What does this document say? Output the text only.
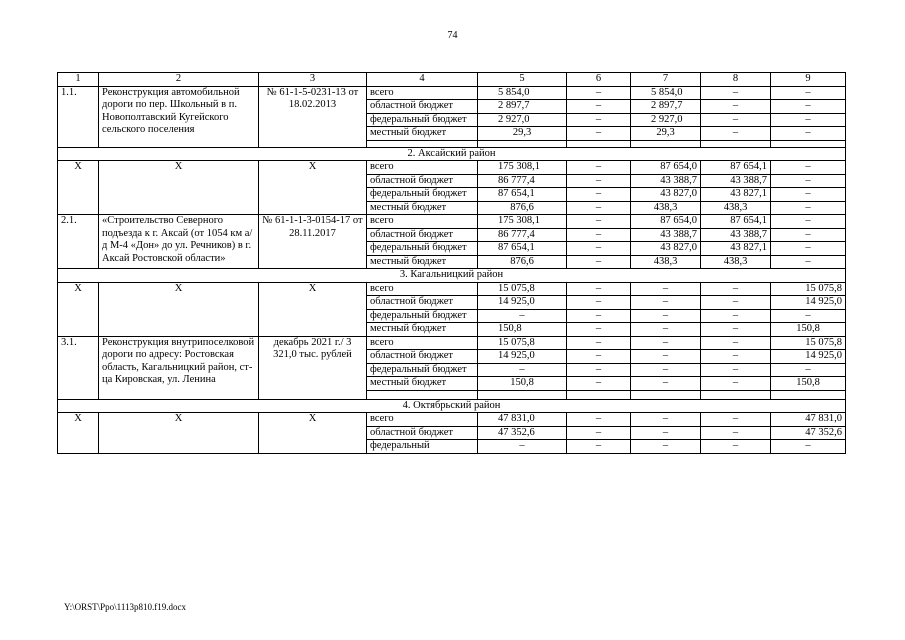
74
1	2	3	4	5	6	7	8	9
1.1.	Реконструкция автомобильной дороги по пер. Школьный в п. Новополтавский Кугейского сельского поселения	№ 61-1-5-0231-13 от 18.02.2013	всего	5 854,0	–	5 854,0	–	–
			областной бюджет	2 897,7	–	2 897,7	–	–
			федеральный бюджет	2 927,0	–	2 927,0	–	–
			местный бюджет	29,3	–	29,3	–	–

2. Аксайский район								
X	X	X	всего	175 308,1	–	87 654,0	87 654,1	–
			областной бюджет	86 777,4	–	43 388,7	43 388,7	–
			федеральный бюджет	87 654,1	–	43 827,0	43 827,1	–
			местный бюджет	876,6	–	438,3	438,3	–
2.1.	«Строительство Северного подъезда к г. Аксай (от 1054 км а/д М-4 «Дон» до ул. Речников) в г. Аксай Ростовской области»	№ 61-1-1-3-0154-17 от 28.11.2017	всего	175 308,1	–	87 654,0	87 654,1	–
			областной бюджет	86 777,4	–	43 388,7	43 388,7	–
			федеральный бюджет	87 654,1	–	43 827,0	43 827,1	–
			местный бюджет	876,6	–	438,3	438,3	–
3. Кагальницкий район								
X	X	X	всего	15 075,8	–	–	–	15 075,8
			областной бюджет	14 925,0	–	–	–	14 925,0
			федеральный бюджет	–	–	–	–	–
			местный бюджет	150,8	–	–	–	150,8
3.1.	Реконструкция внутрипоселковой дороги по адресу: Ростовская область, Кагальницкий район, ст-ца Кировская, ул. Ленина	декабрь 2021 г./ 3 321,0 тыс. рублей	всего	15 075,8	–	–	–	15 075,8
			областной бюджет	14 925,0	–	–	–	14 925,0
			федеральный бюджет	–	–	–	–	–
			местный бюджет	150,8	–	–	–	150,8

4. Октябрьский район								
X	X	X	всего	47 831,0	–	–	–	47 831,0
			областной бюджет	47 352,6	–	–	–	47 352,6
			федеральный	–	–	–	–	–
Y:\ORST\Ppo\1113p810.f19.docx
